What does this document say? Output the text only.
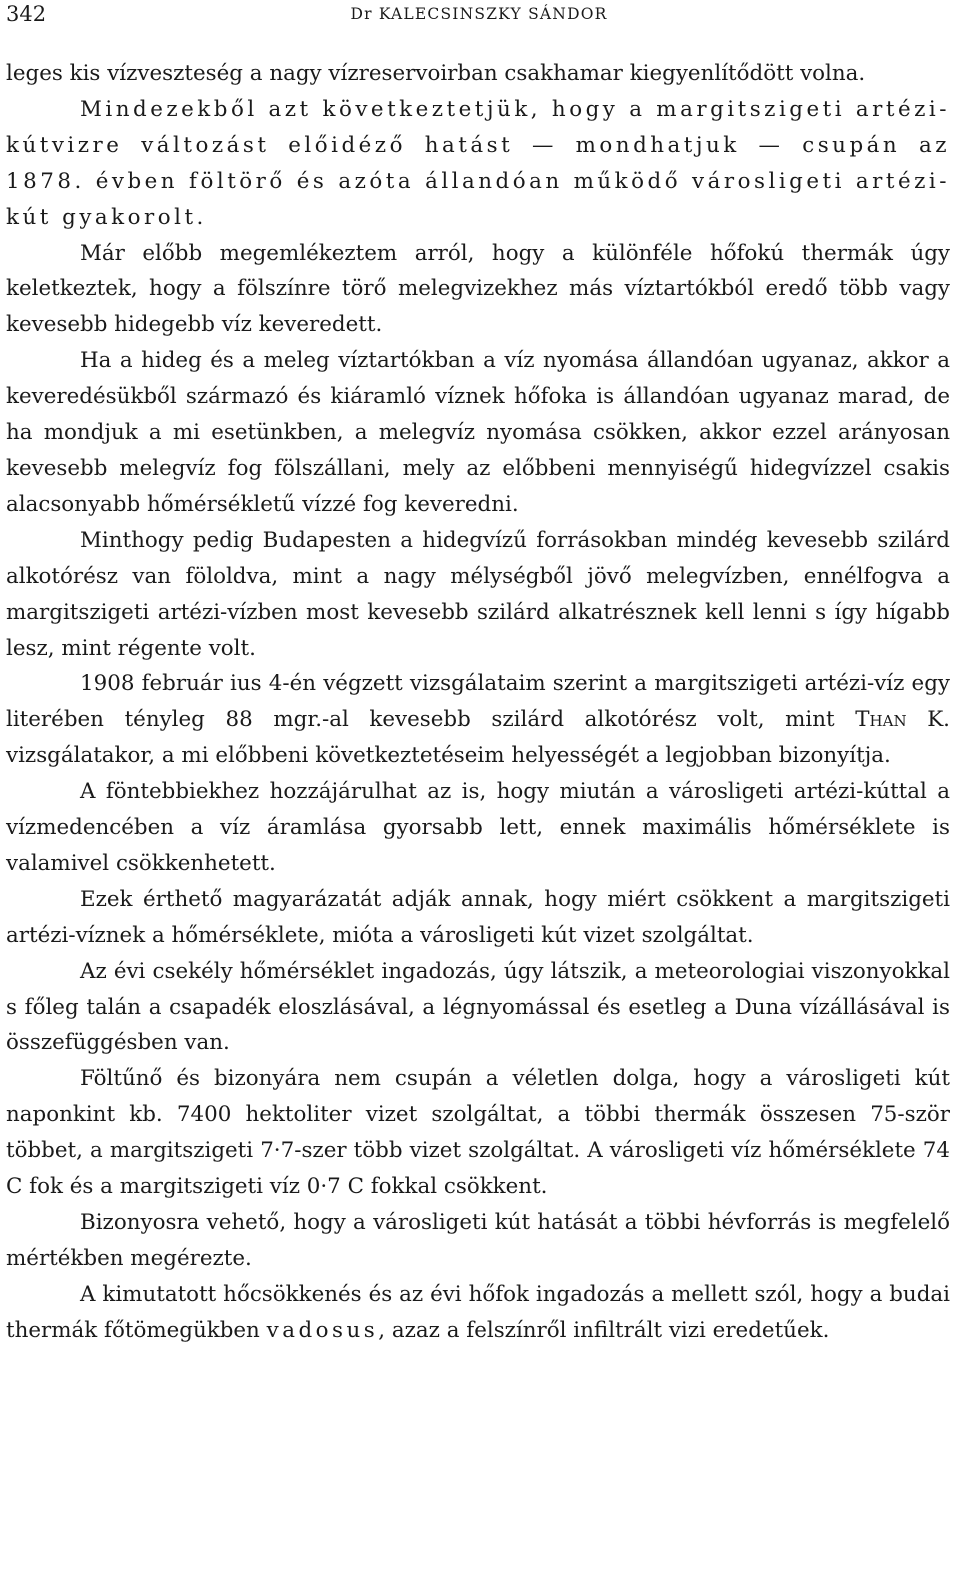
342	Dr KALECSINSZKY SÁNDOR

leges kis vízveszteség a nagy vízreservoirban csakhamar kiegyenlítődött volna.

Mindezekből azt következtetjük, hogy a margitszigeti artézi-kútvizre változást előidéző hatást — mondhatjuk — csupán az 1878. évben föltörő és azóta állandóan működő városligeti artézi-kút gyakorolt.

Már előbb megemlékeztem arról, hogy a különféle hőfokú thermák úgy keletkeztek, hogy a fölszínre törő melegvizekhez más víztartókból eredő több vagy kevesebb hidegebb víz keveredett.

Ha a hideg és a meleg víztartókban a víz nyomása állandóan ugyanaz, akkor a keveredésükből származó és kiáramló víznek hőfoka is állandóan ugyanaz marad, de ha mondjuk a mi esetünkben, a melegvíz nyomása csökken, akkor ezzel arányosan kevesebb melegvíz fog fölszállani, mely az előbbeni mennyiségű hidegvízzel csakis alacsonyabb hőmérsékletű vízzé fog keveredni.

Minthogy pedig Budapesten a hidegvízű forrásokban mindég kevesebb szilárd alkotórész van föloldva, mint a nagy mélységből jövő melegvízben, ennélfogva a margitszigeti artézi-vízben most kevesebb szilárd alkatrésznek kell lenni s így hígabb lesz, mint régente volt.

1908 február ius 4-én végzett vizsgálataim szerint a margitszigeti artézi-víz egy literében tényleg 88 mgr.-al kevesebb szilárd alkotórész volt, mint Than K. vizsgálatakor, a mi előbbeni következtetéseim helyességét a legjobban bizonyítja.

A föntebbiekhez hozzájárulhat az is, hogy miután a városligeti artézi-kúttal a vízmedencében a víz áramlása gyorsabb lett, ennek maximális hőmérséklete is valamivel csökkenhetett.

Ezek érthető magyarázatát adják annak, hogy miért csökkent a margitszigeti artézi-víznek a hőmérséklete, mióta a városligeti kút vizet szolgáltat.

Az évi csekély hőmérséklet ingadozás, úgy látszik, a meteorologiai viszonyokkal s főleg talán a csapadék eloszlásával, a légnyomással és esetleg a Duna vízállásával is összefüggésben van.

Föltűnő és bizonyára nem csupán a véletlen dolga, hogy a városligeti kút naponkint kb. 7400 hektoliter vizet szolgáltat, a többi thermák összesen 75-ször többet, a margitszigeti 7·7-szer több vizet szolgáltat. A városligeti víz hőmérséklete 74 C fok és a margitszigeti víz 0·7 C fokkal csökkent.

Bizonyosra vehető, hogy a városligeti kút hatását a többi hévforrás is megfelelő mértékben megérezte.

A kimutatott hőcsökkenés és az évi hőfok ingadozás a mellett szól, hogy a budai thermák főtömegükben vadosus, azaz a felszínről infiltrált vizi eredetűek.
